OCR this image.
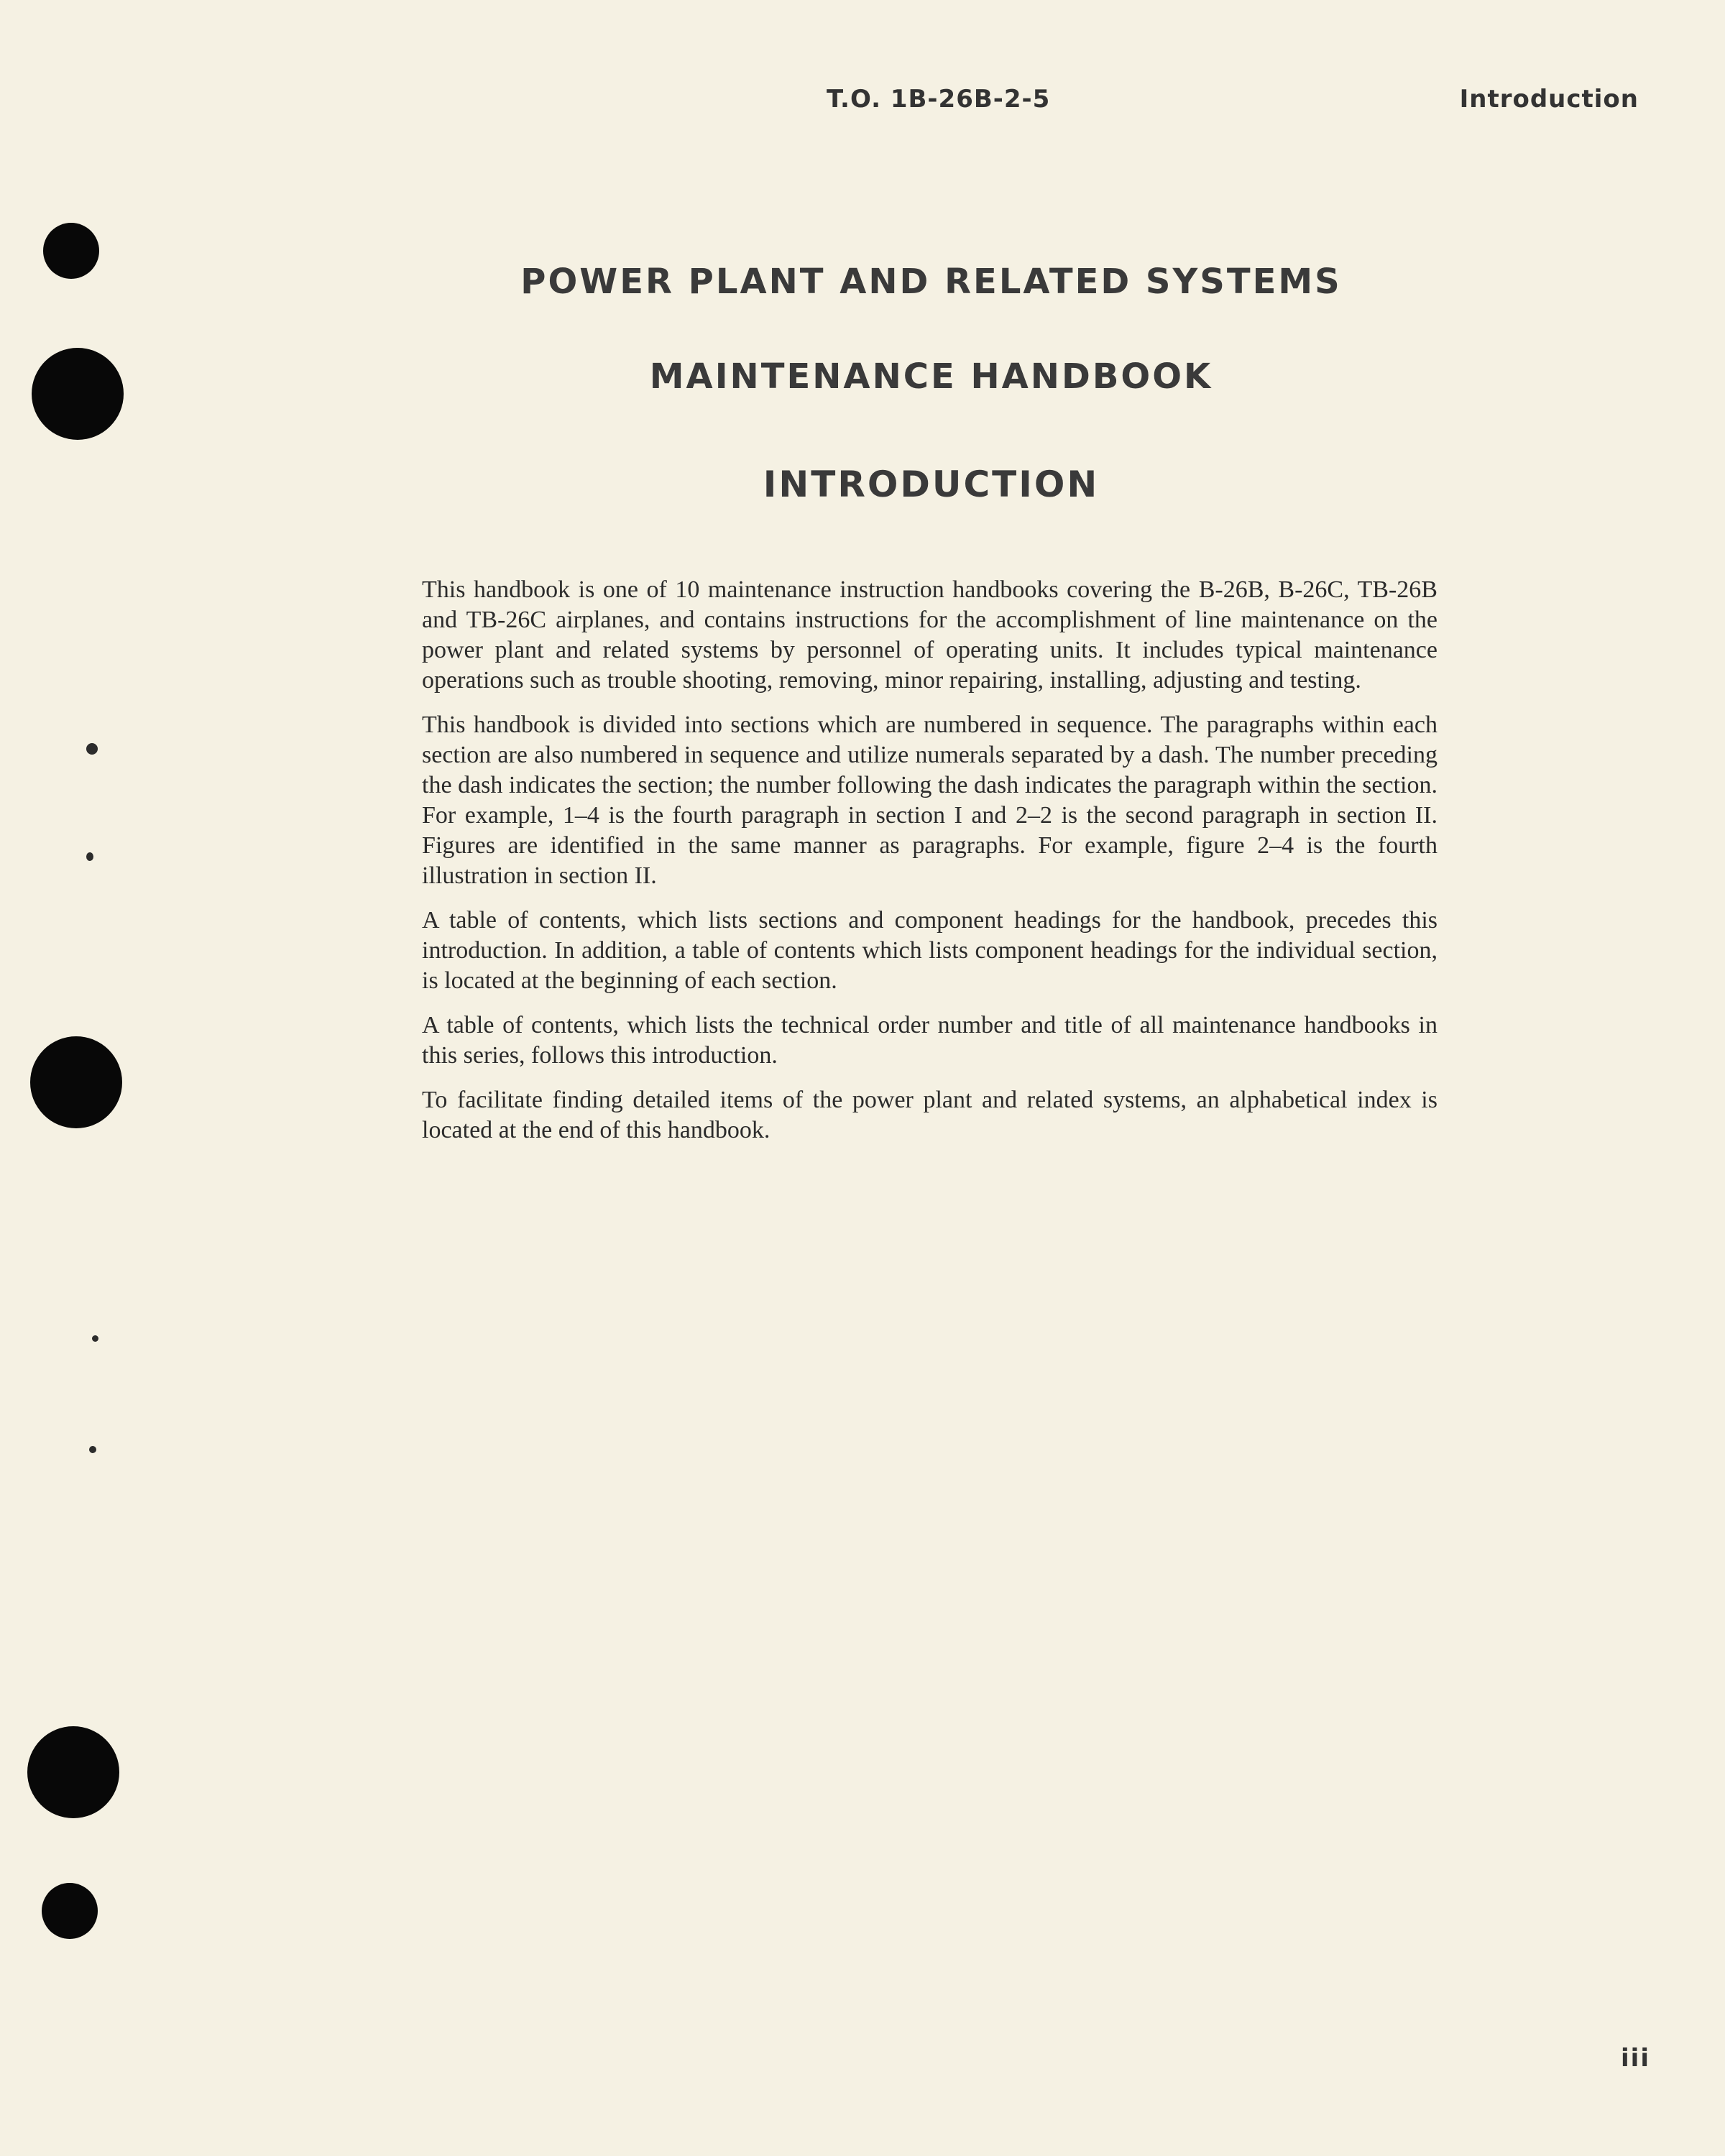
T.O. 1B-26B-2-5	Introduction
POWER PLANT AND RELATED SYSTEMS
MAINTENANCE HANDBOOK
INTRODUCTION

This handbook is one of 10 maintenance instruction handbooks covering the B-26B, B-26C, TB-26B and TB-26C airplanes, and contains instructions for the accomplishment of line maintenance on the power plant and related systems by personnel of operating units. It includes typical maintenance operations such as trouble shooting, removing, minor repairing, installing, adjusting and testing.

This handbook is divided into sections which are numbered in sequence. The paragraphs within each section are also numbered in sequence and utilize numerals separated by a dash. The number preceding the dash indicates the section; the number following the dash indicates the paragraph within the section. For example, 1–4 is the fourth paragraph in section I and 2–2 is the second paragraph in section II. Figures are identified in the same manner as paragraphs. For example, figure 2–4 is the fourth illustration in section II.

A table of contents, which lists sections and component headings for the handbook, precedes this introduction. In addition, a table of contents which lists component headings for the individual section, is located at the beginning of each section.

A table of contents, which lists the technical order number and title of all maintenance handbooks in this series, follows this introduction.

To facilitate finding detailed items of the power plant and related systems, an alphabetical index is located at the end of this handbook.

iii
